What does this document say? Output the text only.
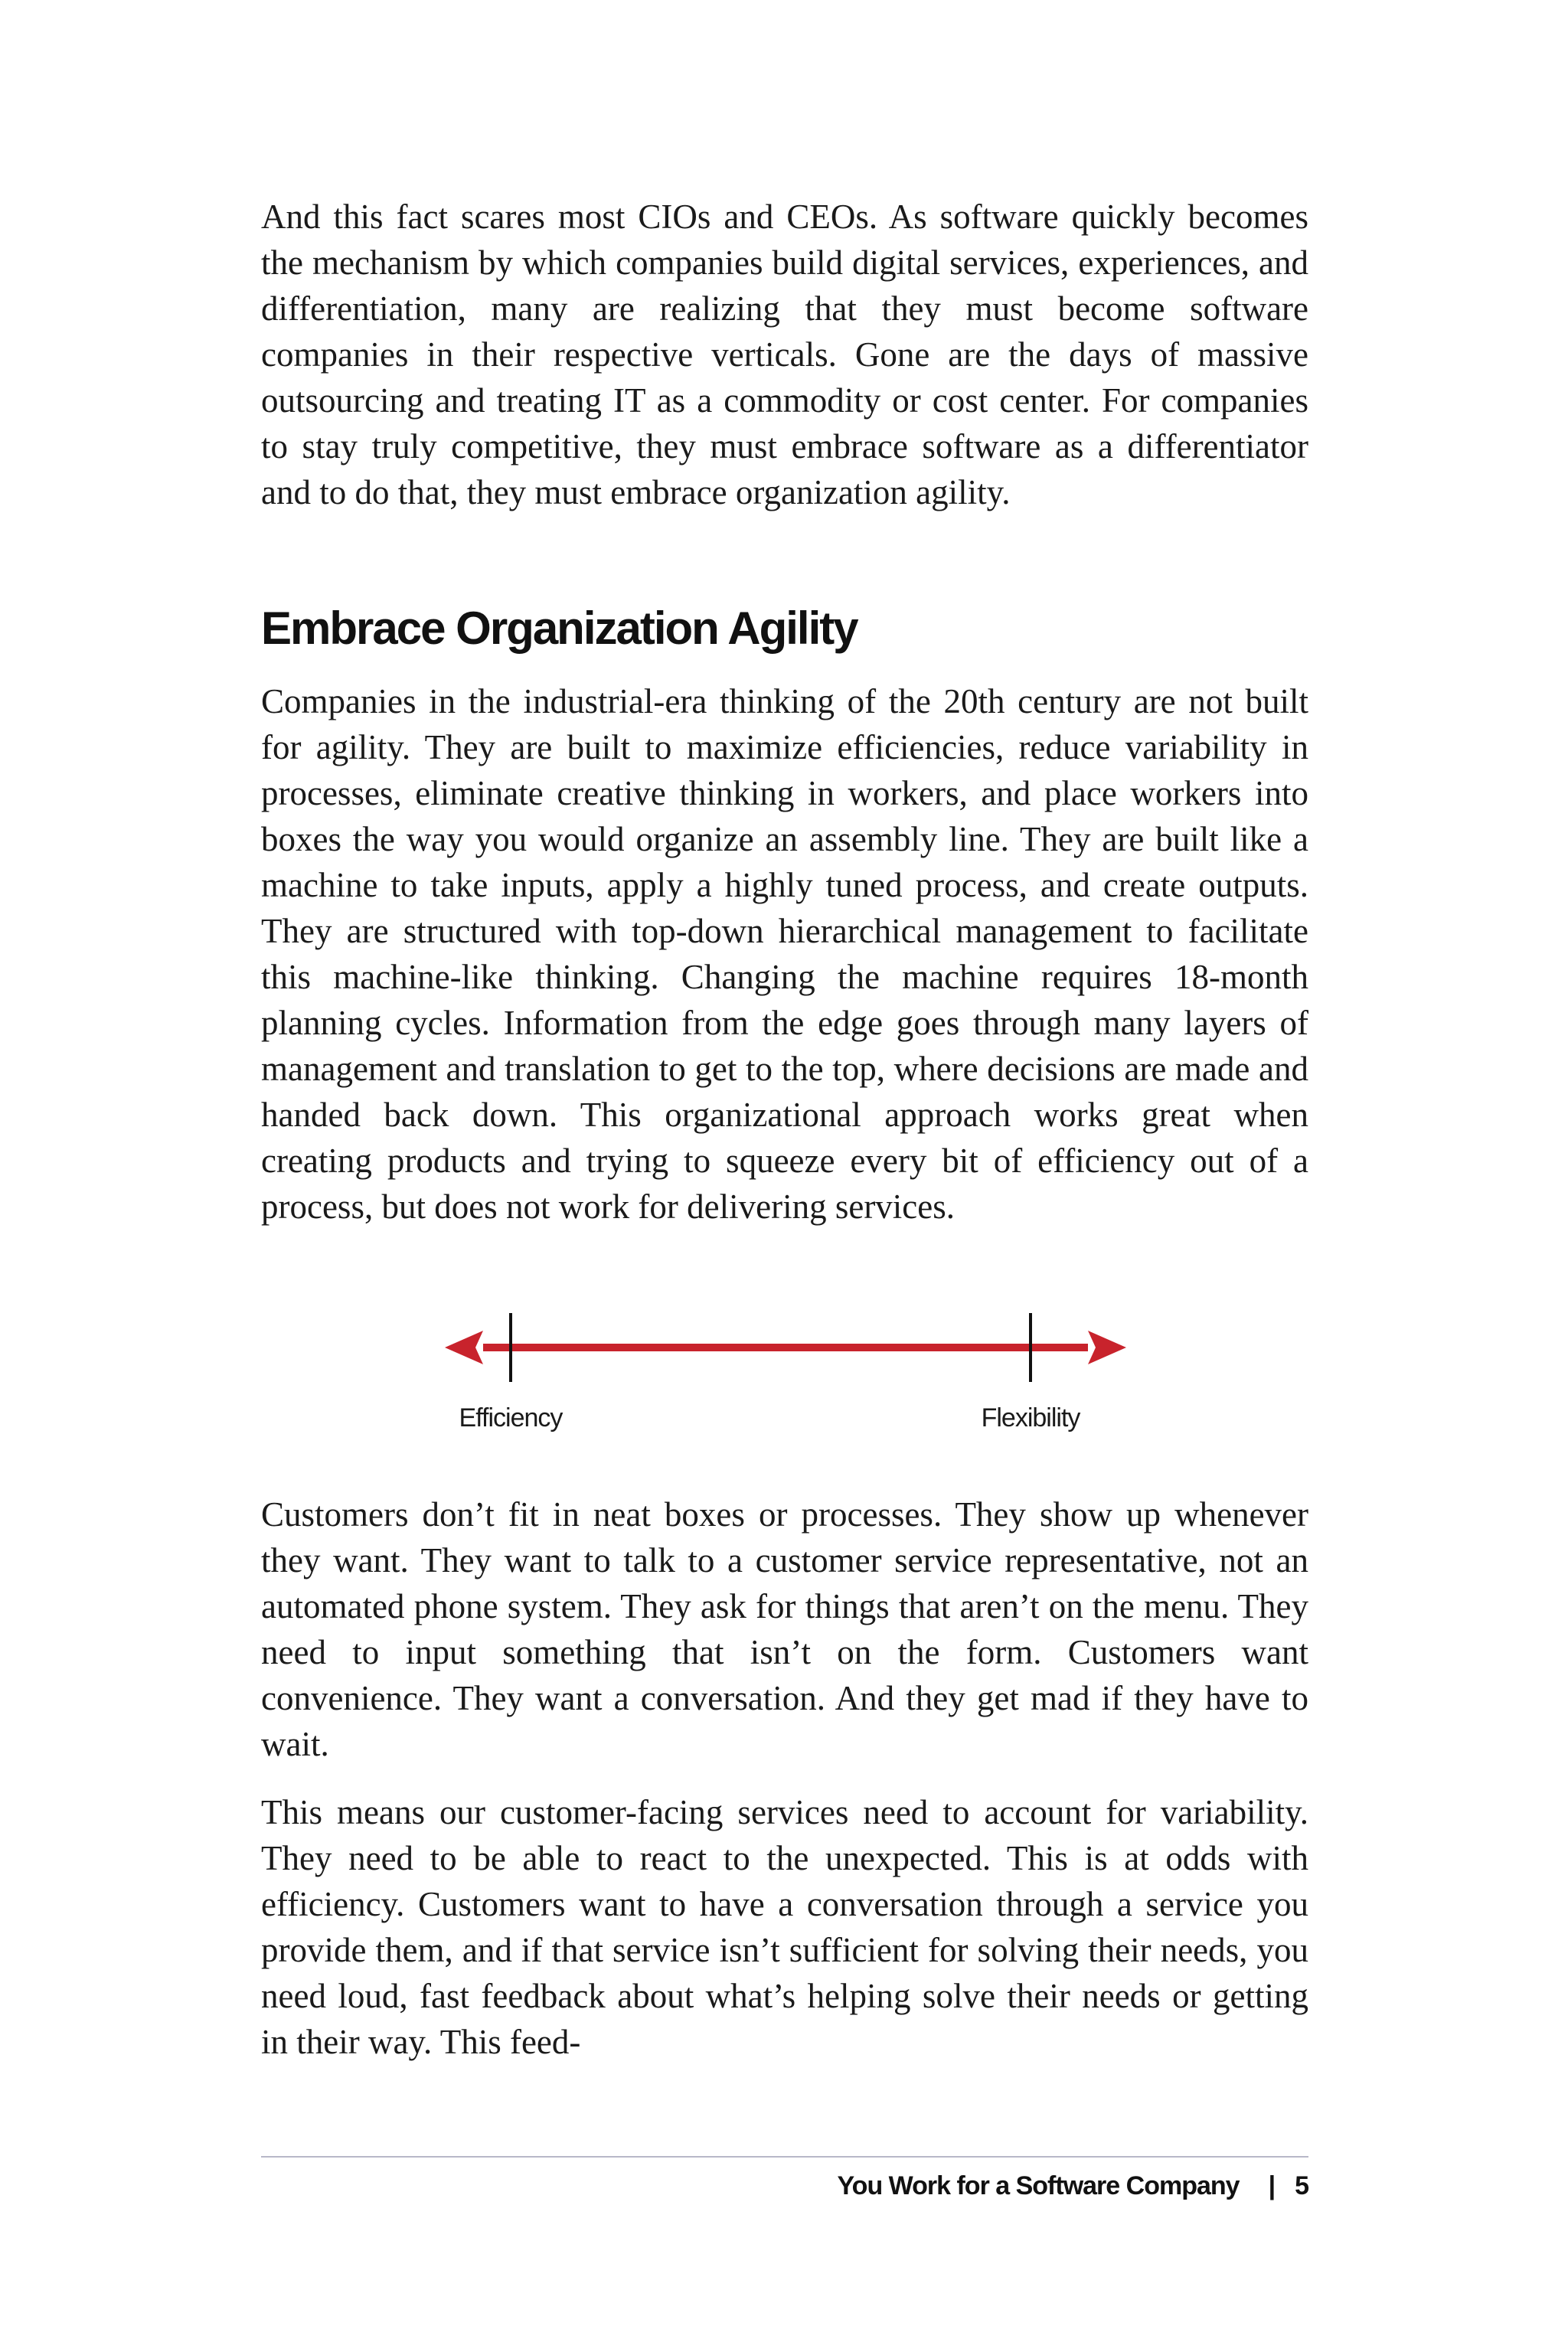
And this fact scares most CIOs and CEOs. As software quickly becomes the mechanism by which companies build digital services, experiences, and differentiation, many are realizing that they must become software companies in their respective verticals. Gone are the days of massive outsourcing and treating IT as a commodity or cost center. For companies to stay truly competitive, they must embrace software as a differentiator and to do that, they must embrace organization agility.

Embrace Organization Agility

Companies in the industrial-era thinking of the 20th century are not built for agility. They are built to maximize efficiencies, reduce variability in processes, eliminate creative thinking in workers, and place workers into boxes the way you would organize an assembly line. They are built like a machine to take inputs, apply a highly tuned process, and create outputs. They are structured with top-down hierarchical management to facilitate this machine-like thinking. Changing the machine requires 18-month planning cycles. Information from the edge goes through many layers of management and translation to get to the top, where decisions are made and handed back down. This organizational approach works great when creating products and trying to squeeze every bit of efficiency out of a process, but does not work for delivering services.

Efficiency	Flexibility

Customers don’t fit in neat boxes or processes. They show up whenever they want. They want to talk to a customer service representative, not an automated phone system. They ask for things that aren’t on the menu. They need to input something that isn’t on the form. Customers want convenience. They want a conversation. And they get mad if they have to wait.

This means our customer-facing services need to account for variability. They need to be able to react to the unexpected. This is at odds with efficiency. Customers want to have a conversation through a service you provide them, and if that service isn’t sufficient for solving their needs, you need loud, fast feedback about what’s helping solve their needs or getting in their way. This feed-

You Work for a Software Company | 5
